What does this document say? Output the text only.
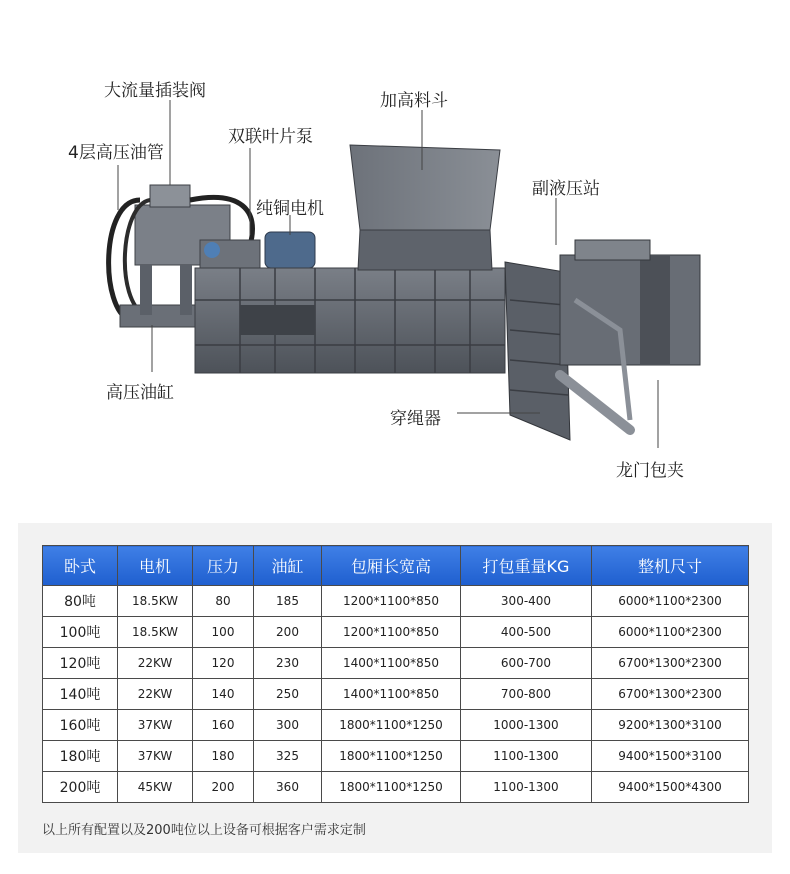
大流量插装阀
4层高压油管
双联叶片泵
纯铜电机
加高料斗
副液压站
高压油缸
穿绳器
龙门包夹
卧式	电机	压力	油缸	包厢长宽高	打包重量KG	整机尺寸
80吨	18.5KW	80	185	1200*1100*850	300-400	6000*1100*2300
100吨	18.5KW	100	200	1200*1100*850	400-500	6000*1100*2300
120吨	22KW	120	230	1400*1100*850	600-700	6700*1300*2300
140吨	22KW	140	250	1400*1100*850	700-800	6700*1300*2300
160吨	37KW	160	300	1800*1100*1250	1000-1300	9200*1300*3100
180吨	37KW	180	325	1800*1100*1250	1100-1300	9400*1500*3100
200吨	45KW	200	360	1800*1100*1250	1100-1300	9400*1500*4300
以上所有配置以及200吨位以上设备可根据客户需求定制
